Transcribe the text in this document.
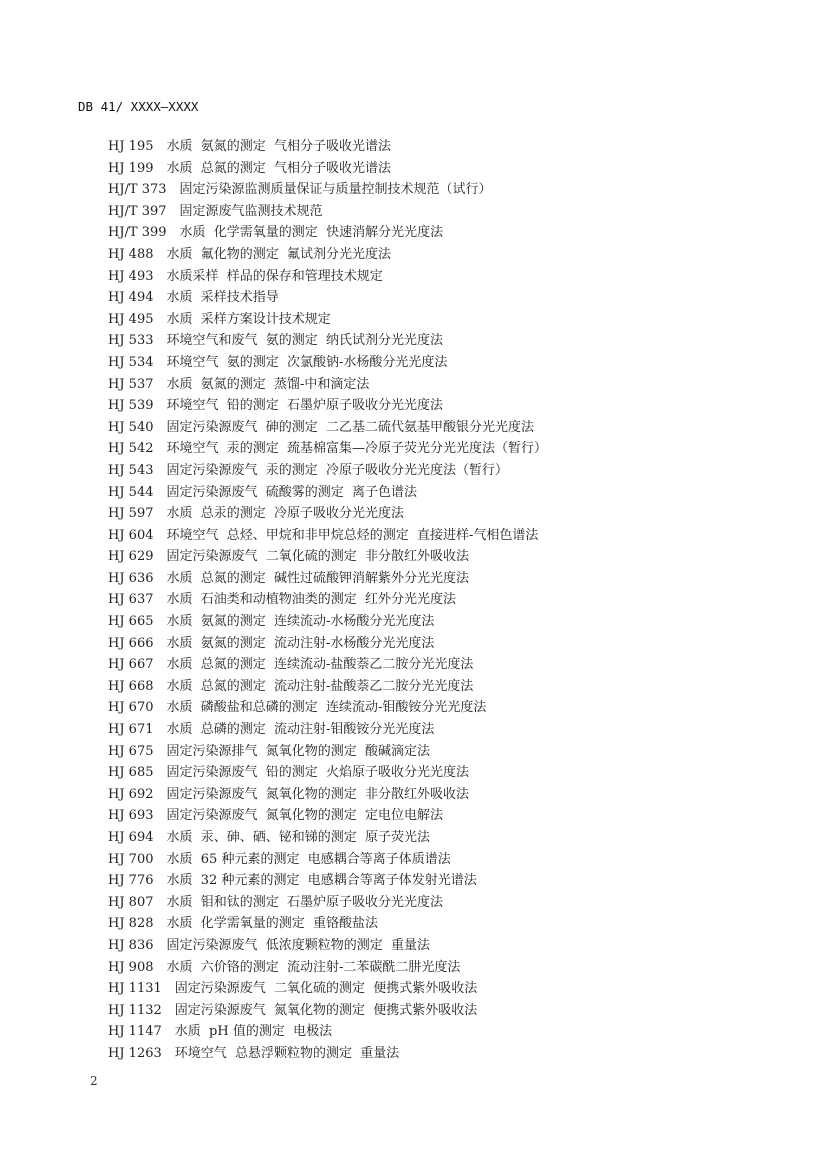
DB 41/ XXXX—XXXX
HJ 195 水质  氨氮的测定  气相分子吸收光谱法
HJ 199 水质  总氮的测定  气相分子吸收光谱法
HJ/T 373 固定污染源监测质量保证与质量控制技术规范（试行）
HJ/T 397 固定源废气监测技术规范
HJ/T 399 水质  化学需氧量的测定  快速消解分光光度法
HJ 488 水质  氟化物的测定  氟试剂分光光度法
HJ 493 水质采样  样品的保存和管理技术规定
HJ 494 水质  采样技术指导
HJ 495 水质  采样方案设计技术规定
HJ 533 环境空气和废气  氨的测定  纳氏试剂分光光度法
HJ 534 环境空气  氨的测定  次氯酸钠-水杨酸分光光度法
HJ 537 水质  氨氮的测定  蒸馏-中和滴定法
HJ 539 环境空气  铅的测定  石墨炉原子吸收分光光度法
HJ 540 固定污染源废气  砷的测定  二乙基二硫代氨基甲酸银分光光度法
HJ 542 环境空气  汞的测定  巯基棉富集—冷原子荧光分光光度法（暂行）
HJ 543 固定污染源废气  汞的测定  冷原子吸收分光光度法（暂行）
HJ 544 固定污染源废气  硫酸雾的测定  离子色谱法
HJ 597 水质  总汞的测定  冷原子吸收分光光度法
HJ 604 环境空气  总烃、甲烷和非甲烷总烃的测定  直接进样-气相色谱法
HJ 629 固定污染源废气  二氧化硫的测定  非分散红外吸收法
HJ 636 水质  总氮的测定  碱性过硫酸钾消解紫外分光光度法
HJ 637 水质  石油类和动植物油类的测定  红外分光光度法
HJ 665 水质  氨氮的测定  连续流动-水杨酸分光光度法
HJ 666 水质  氨氮的测定  流动注射-水杨酸分光光度法
HJ 667 水质  总氮的测定  连续流动-盐酸萘乙二胺分光光度法
HJ 668 水质  总氮的测定  流动注射-盐酸萘乙二胺分光光度法
HJ 670 水质  磷酸盐和总磷的测定  连续流动-钼酸铵分光光度法
HJ 671 水质  总磷的测定  流动注射-钼酸铵分光光度法
HJ 675 固定污染源排气  氮氧化物的测定  酸碱滴定法
HJ 685 固定污染源废气  铅的测定  火焰原子吸收分光光度法
HJ 692 固定污染源废气  氮氧化物的测定  非分散红外吸收法
HJ 693 固定污染源废气  氮氧化物的测定  定电位电解法
HJ 694 水质  汞、砷、硒、铋和锑的测定  原子荧光法
HJ 700 水质  65 种元素的测定  电感耦合等离子体质谱法
HJ 776 水质  32 种元素的测定  电感耦合等离子体发射光谱法
HJ 807 水质  钼和钛的测定  石墨炉原子吸收分光光度法
HJ 828 水质  化学需氧量的测定  重铬酸盐法
HJ 836 固定污染源废气  低浓度颗粒物的测定  重量法
HJ 908 水质  六价铬的测定  流动注射-二苯碳酰二肼光度法
HJ 1131 固定污染源废气  二氧化硫的测定  便携式紫外吸收法
HJ 1132 固定污染源废气  氮氧化物的测定  便携式紫外吸收法
HJ 1147 水质  pH 值的测定  电极法
HJ 1263 环境空气  总悬浮颗粒物的测定  重量法
2
